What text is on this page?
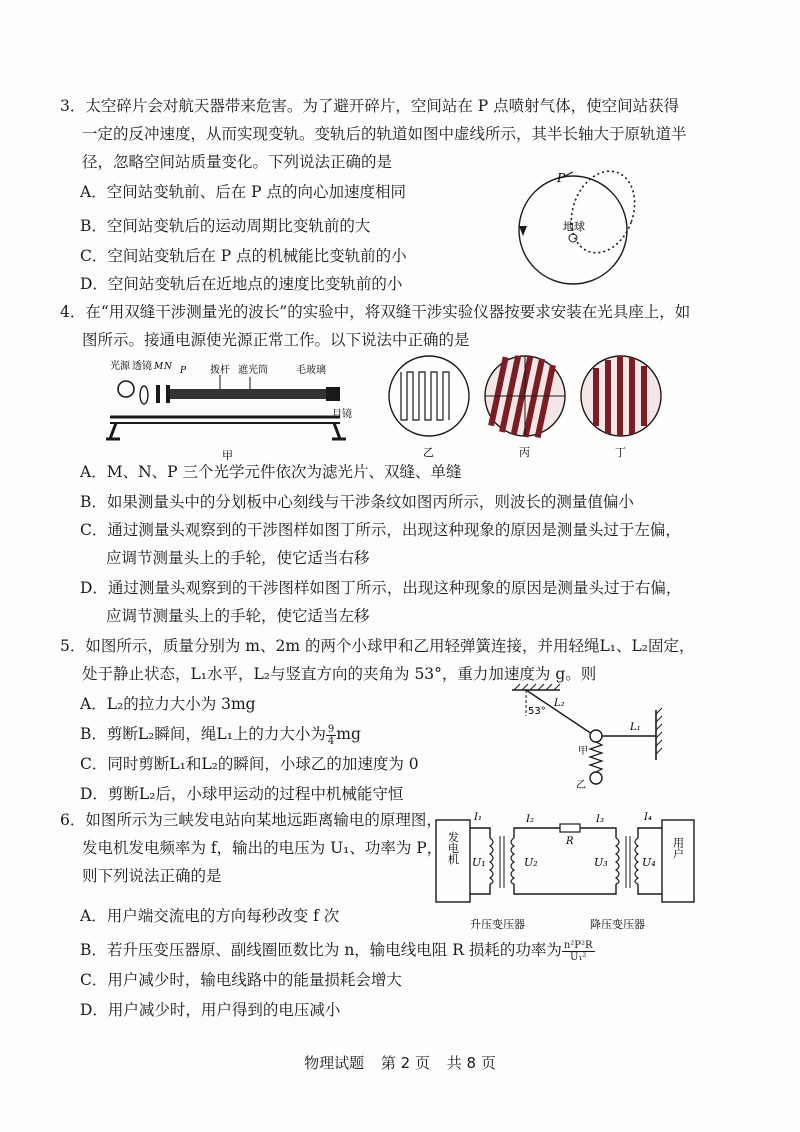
3．太空碎片会对航天器带来危害。为了避开碎片，空间站在 P 点喷射气体，使空间站获得
一定的反冲速度，从而实现变轨。变轨后的轨道如图中虚线所示，其半长轴大于原轨道半
径，忽略空间站质量变化。下列说法正确的是
A．空间站变轨前、后在 P 点的向心加速度相同
B．空间站变轨后的运动周期比变轨前的大
C．空间站变轨后在 P 点的机械能比变轨前的小
D．空间站变轨后在近地点的速度比变轨前的小
地球
P
4．在“用双缝干涉测量光的波长”的实验中，将双缝干涉实验仪器按要求安装在光具座上，如
图所示。接通电源使光源正常工作。以下说法中正确的是
光源 透镜 M N P 拨杆 遮光筒	毛玻璃
目镜
甲	乙	丙	丁
A．M、N、P 三个光学元件依次为滤光片、双缝、单缝
B．如果测量头中的分划板中心刻线与干涉条纹如图丙所示，则波长的测量值偏小
C．通过测量头观察到的干涉图样如图丁所示，出现这种现象的原因是测量头过于左偏，
应调节测量头上的手轮，使它适当右移
D．通过测量头观察到的干涉图样如图丁所示，出现这种现象的原因是测量头过于右偏，
应调节测量头上的手轮，使它适当左移
5．如图所示，质量分别为 m、2m 的两个小球甲和乙用轻弹簧连接，并用轻绳L₁、L₂固定，
处于静止状态，L₁水平，L₂与竖直方向的夹角为 53°，重力加速度为 g。则
A．L₂的拉力大小为 3mg
B．剪断L₂瞬间，绳L₁上的力大小为 $\frac{9}{4}$ mg
C．同时剪断L₁和L₂的瞬间，小球乙的加速度为 0
D．剪断L₂后，小球甲运动的过程中机械能守恒
53°
L₂
L₁
甲
乙
6．如图所示为三峡发电站向某地远距离输电的原理图，
发电机发电频率为 f，输出的电压为 U₁、功率为 P，
则下列说法正确的是
A．用户端交流电的方向每秒改变 f 次
B．若升压变压器原、副线圈匝数比为 n，输电线电阻 R 损耗的功率为 $\frac{\text{n²P²R}}{\text{U₁²}}$
C．用户减少时，输电线路中的能量损耗会增大
D．用户减少时，用户得到的电压减小
发电机	用户
R
I₁	I₂	I₃	I₄
U₁	U₂	U₃	U₄
升压变压器	降压变压器
物理试题 第 2 页 共 8 页
